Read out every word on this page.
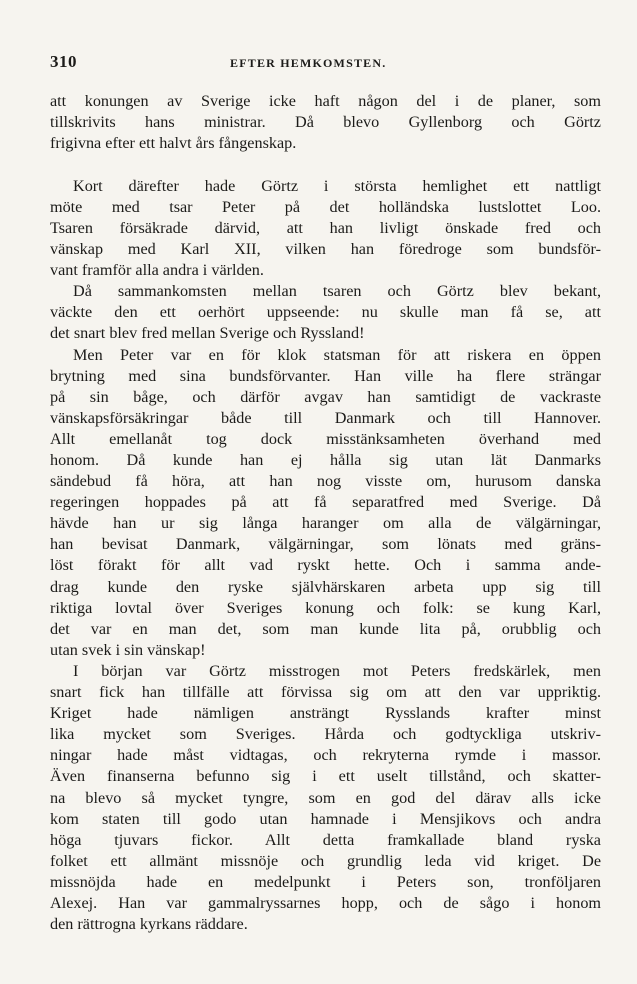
310	EFTER HEMKOMSTEN.
att konungen av Sverige icke haft någon del i de planer, som
tillskrivits hans ministrar. Då blevo Gyllenborg och Görtz
frigivna efter ett halvt års fångenskap.
Kort därefter hade Görtz i största hemlighet ett nattligt
möte med tsar Peter på det holländska lustslottet Loo.
Tsaren försäkrade därvid, att han livligt önskade fred och
vänskap med Karl XII, vilken han föredroge som bundsför-
vant framför alla andra i världen.
Då sammankomsten mellan tsaren och Görtz blev bekant,
väckte den ett oerhört uppseende: nu skulle man få se, att
det snart blev fred mellan Sverige och Ryssland!
Men Peter var en för klok statsman för att riskera en öppen
brytning med sina bundsförvanter. Han ville ha flere strängar
på sin båge, och därför avgav han samtidigt de vackraste
vänskapsförsäkringar både till Danmark och till Hannover.
Allt emellanåt tog dock misstänksamheten överhand med
honom. Då kunde han ej hålla sig utan lät Danmarks
sändebud få höra, att han nog visste om, hurusom danska
regeringen hoppades på att få separatfred med Sverige. Då
hävde han ur sig långa haranger om alla de välgärningar,
han bevisat Danmark, välgärningar, som lönats med gräns-
löst förakt för allt vad ryskt hette. Och i samma ande-
drag kunde den ryske självhärskaren arbeta upp sig till
riktiga lovtal över Sveriges konung och folk: se kung Karl,
det var en man det, som man kunde lita på, orubblig och
utan svek i sin vänskap!
I början var Görtz misstrogen mot Peters fredskärlek, men
snart fick han tillfälle att förvissa sig om att den var uppriktig.
Kriget hade nämligen ansträngt Rysslands krafter minst
lika mycket som Sveriges. Hårda och godtyckliga utskriv-
ningar hade måst vidtagas, och rekryterna rymde i massor.
Även finanserna befunno sig i ett uselt tillstånd, och skatter-
na blevo så mycket tyngre, som en god del därav alls icke
kom staten till godo utan hamnade i Mensjikovs och andra
höga tjuvars fickor. Allt detta framkallade bland ryska
folket ett allmänt missnöje och grundlig leda vid kriget. De
missnöjda hade en medelpunkt i Peters son, tronföljaren
Alexej. Han var gammalryssarnes hopp, och de sågo i honom
den rättrogna kyrkans räddare.
